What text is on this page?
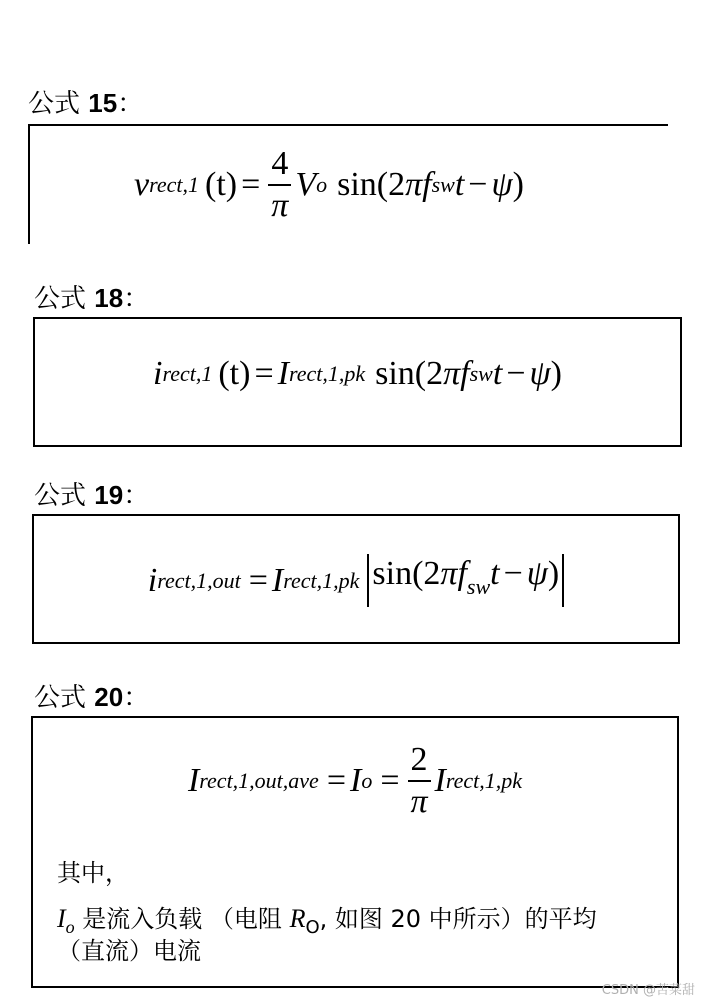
公式 15：
v rect,1 $(t) = \frac{4}{\pi}$ V o sin(2 π f sw t − ψ )
公式 18：
i rect,1 (t) = I rect,1,pk sin(2 π f sw t − ψ )
公式 19：
i rect,1,out = I rect,1,pk $\sin(2\pi f_{sw}t - \psi)$
公式 20：
I rect,1,out,ave = I $o = \frac{2}{\pi}$ I rect,1,pk
其中，
$I_o$ 是流入负载 （电阻 $R_O$, 如图 20 中所示）的平均
（直流）电流
CSDN @苦菜甜
